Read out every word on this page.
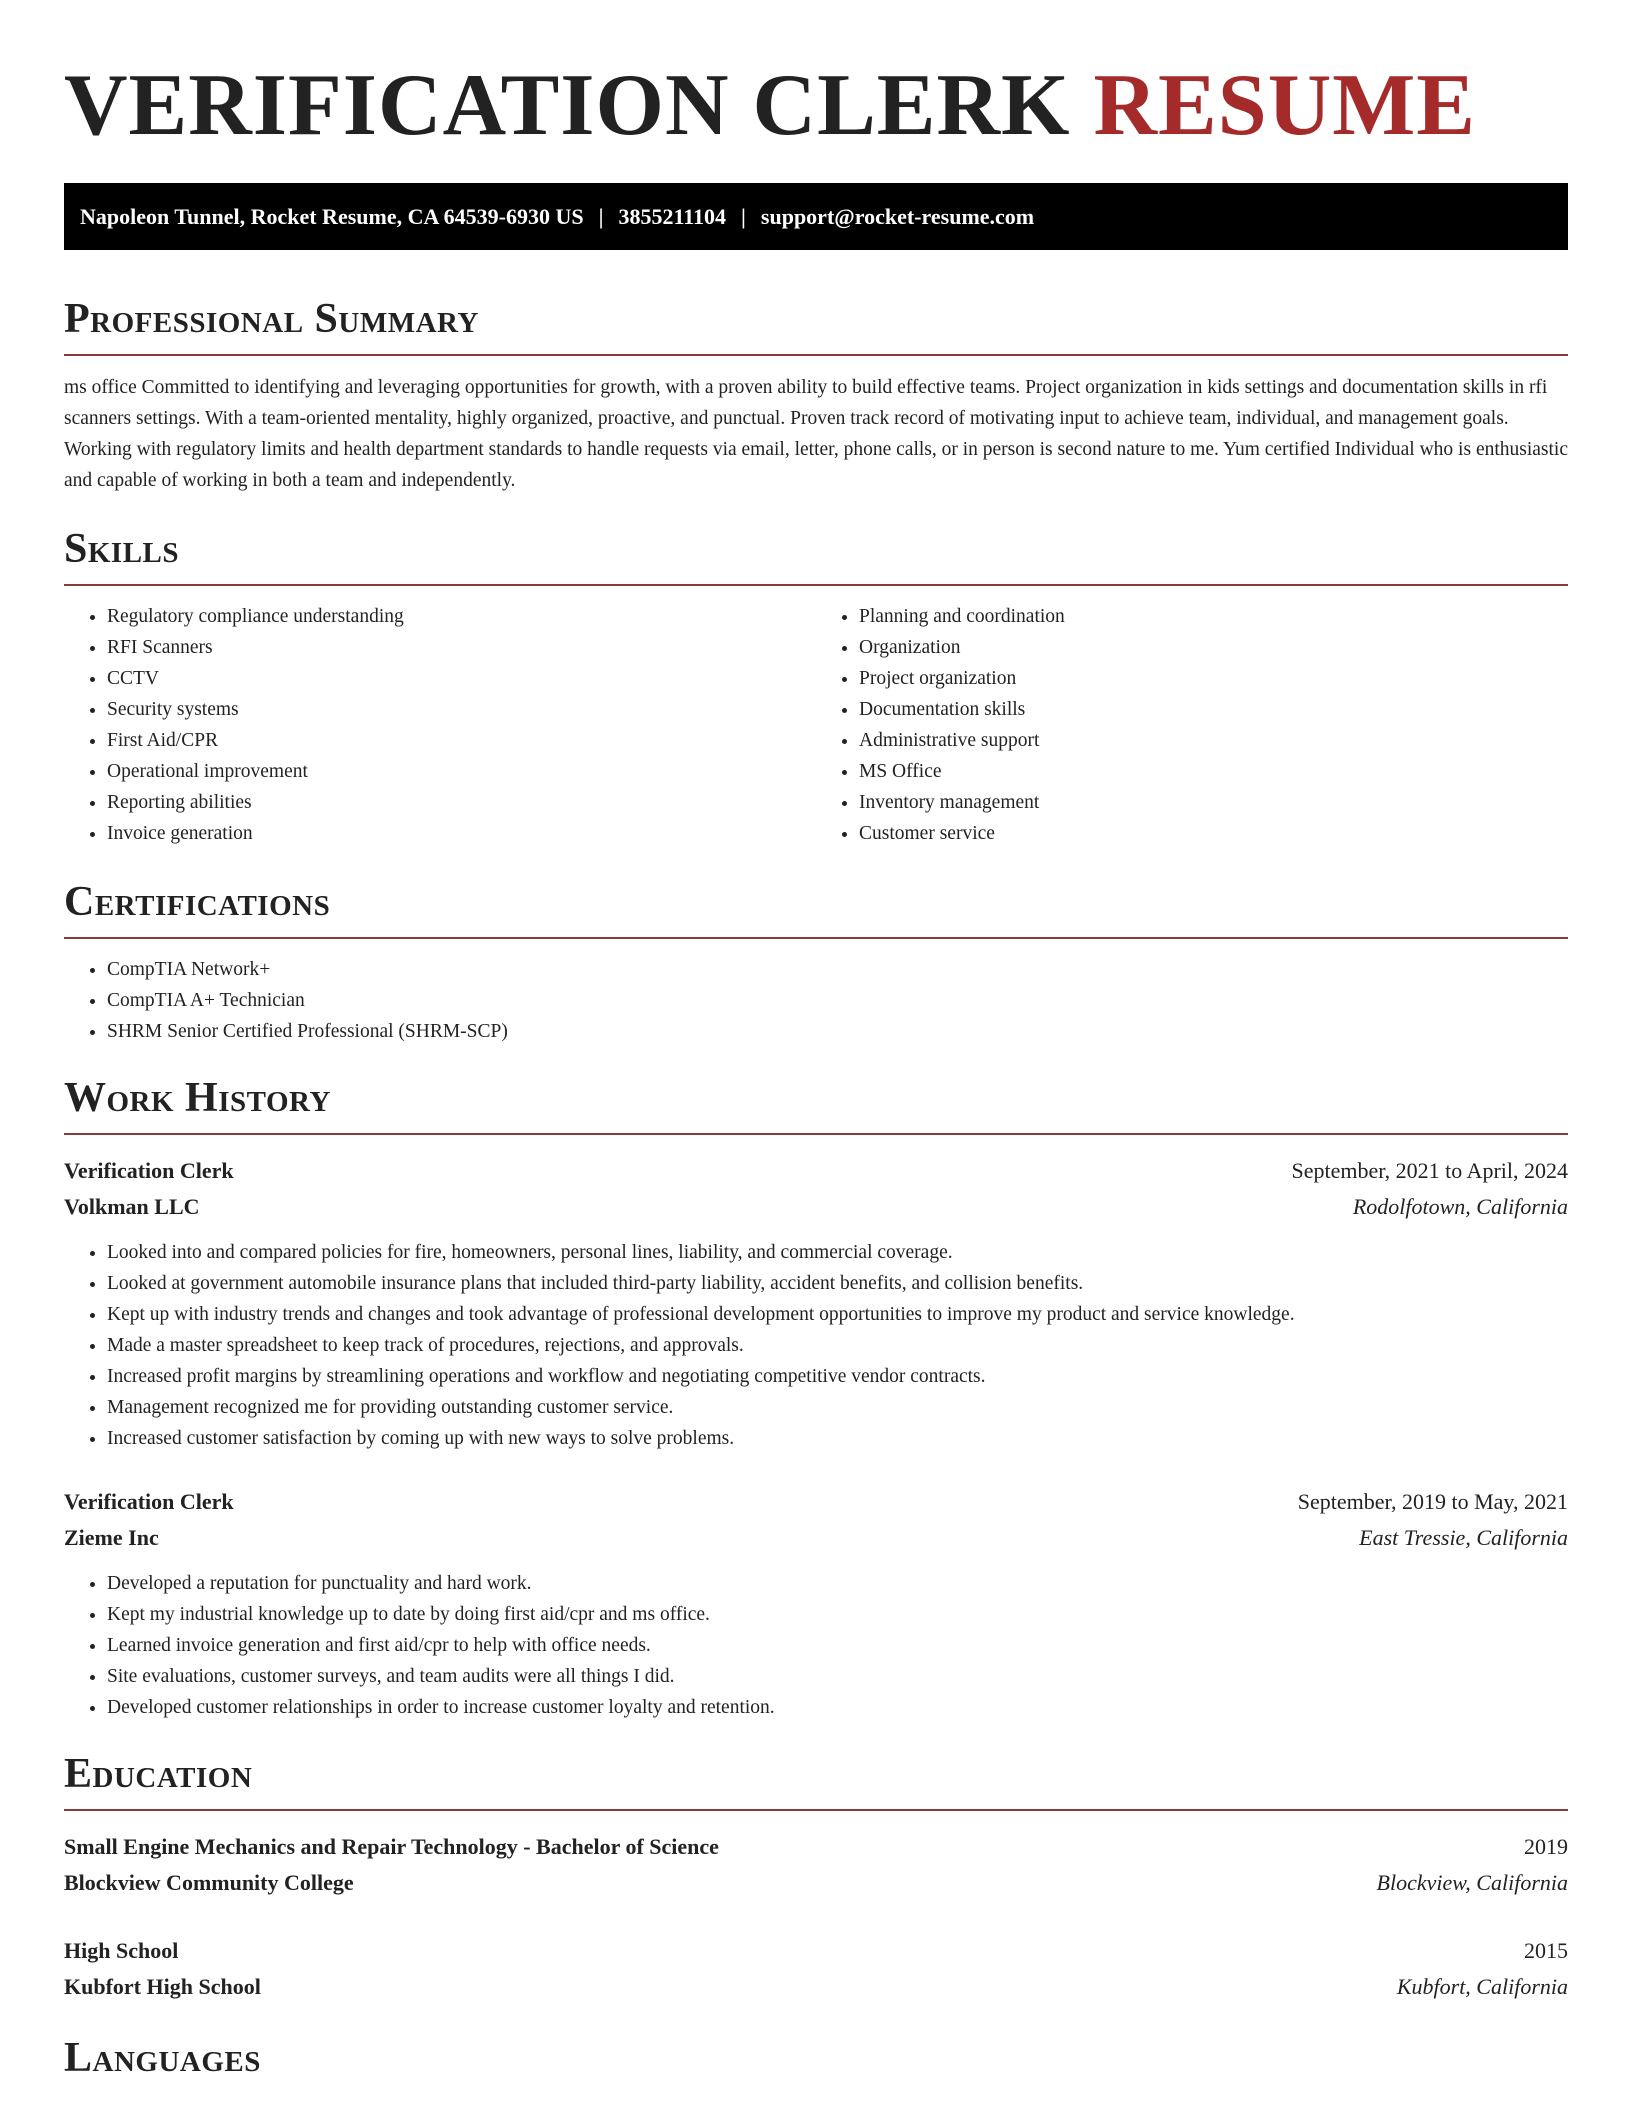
VERIFICATION CLERK RESUME
Napoleon Tunnel, Rocket Resume, CA 64539-6930 US | 3855211104 | support@rocket-resume.com
Professional Summary

ms office Committed to identifying and leveraging opportunities for growth, with a proven ability to build effective teams. Project organization in kids settings and documentation skills in rfi scanners settings. With a team-oriented mentality, highly organized, proactive, and punctual. Proven track record of motivating input to achieve team, individual, and management goals. Working with regulatory limits and health department standards to handle requests via email, letter, phone calls, or in person is second nature to me. Yum certified Individual who is enthusiastic and capable of working in both a team and independently.

Skills
• Regulatory compliance understanding
• RFI Scanners
• CCTV
• Security systems
• First Aid/CPR
• Operational improvement
• Reporting abilities
• Invoice generation
• Planning and coordination
• Organization
• Project organization
• Documentation skills
• Administrative support
• MS Office
• Inventory management
• Customer service
Certifications
• CompTIA Network+
• CompTIA A+ Technician
• SHRM Senior Certified Professional (SHRM-SCP)
Work History
Verification Clerk	September, 2021 to April, 2024
Volkman LLC	Rodolfotown, California
• Looked into and compared policies for fire, homeowners, personal lines, liability, and commercial coverage.
• Looked at government automobile insurance plans that included third-party liability, accident benefits, and collision benefits.
• Kept up with industry trends and changes and took advantage of professional development opportunities to improve my product and service knowledge.
• Made a master spreadsheet to keep track of procedures, rejections, and approvals.
• Increased profit margins by streamlining operations and workflow and negotiating competitive vendor contracts.
• Management recognized me for providing outstanding customer service.
• Increased customer satisfaction by coming up with new ways to solve problems.
Verification Clerk	September, 2019 to May, 2021
Zieme Inc	East Tressie, California
• Developed a reputation for punctuality and hard work.
• Kept my industrial knowledge up to date by doing first aid/cpr and ms office.
• Learned invoice generation and first aid/cpr to help with office needs.
• Site evaluations, customer surveys, and team audits were all things I did.
• Developed customer relationships in order to increase customer loyalty and retention.
Education
Small Engine Mechanics and Repair Technology - Bachelor of Science	2019
Blockview Community College	Blockview, California
High School	2015
Kubfort High School	Kubfort, California
Languages
